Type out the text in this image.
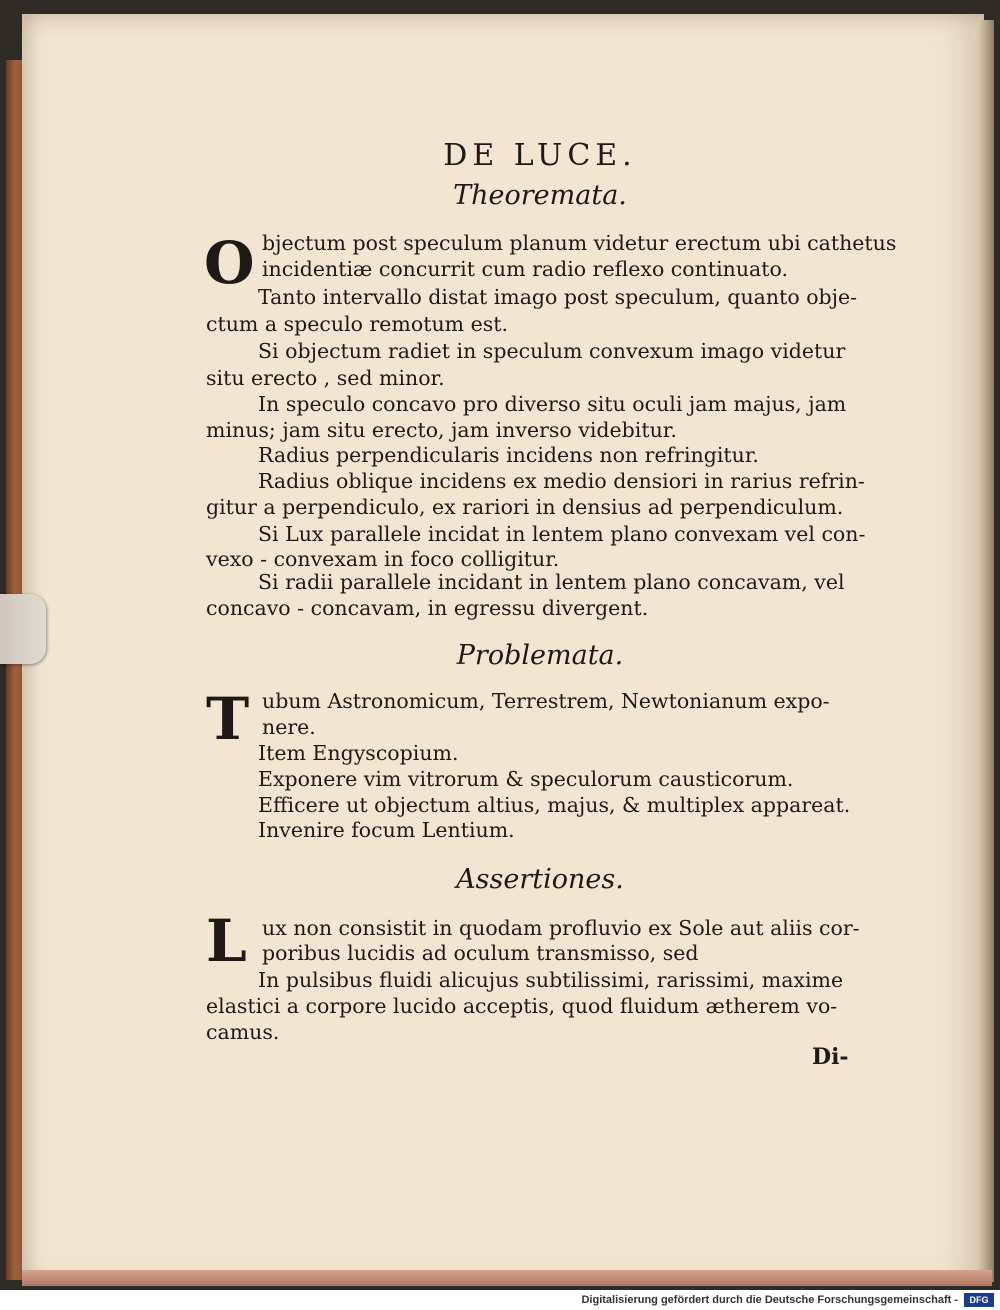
DE LUCE.
Theoremata.
O bjectum post speculum planum videtur erectum ubi cathetus
incidentiæ concurrit cum radio reflexo continuato.
Tanto intervallo distat imago post speculum, quanto obje-
ctum a speculo remotum est.
Si objectum radiet in speculum convexum imago videtur
situ erecto , sed minor.
In speculo concavo pro diverso situ oculi jam majus, jam
minus; jam situ erecto, jam inverso videbitur.
Radius perpendicularis incidens non refringitur.
Radius oblique incidens ex medio densiori in rarius refrin-
gitur a perpendiculo, ex rariori in densius ad perpendiculum.
Si Lux parallele incidat in lentem plano convexam vel con-
vexo - convexam in foco colligitur.
Si radii parallele incidant in lentem plano concavam, vel
concavo - concavam, in egressu divergent.
Problemata.
T ubum Astronomicum, Terrestrem, Newtonianum expo-
nere.
Item Engyscopium.
Exponere vim vitrorum & speculorum causticorum.
Efficere ut objectum altius, majus, & multiplex appareat.
Invenire focum Lentium.
Assertiones.
L ux non consistit in quodam profluvio ex Sole aut aliis cor-
poribus lucidis ad oculum transmisso, sed
In pulsibus fluidi alicujus subtilissimi, rarissimi, maxime
elastici a corpore lucido acceptis, quod fluidum ætherem vo-
camus.
Di-
Digitalisierung gefördert durch die Deutsche Forschungsgemeinschaft -	DFG
